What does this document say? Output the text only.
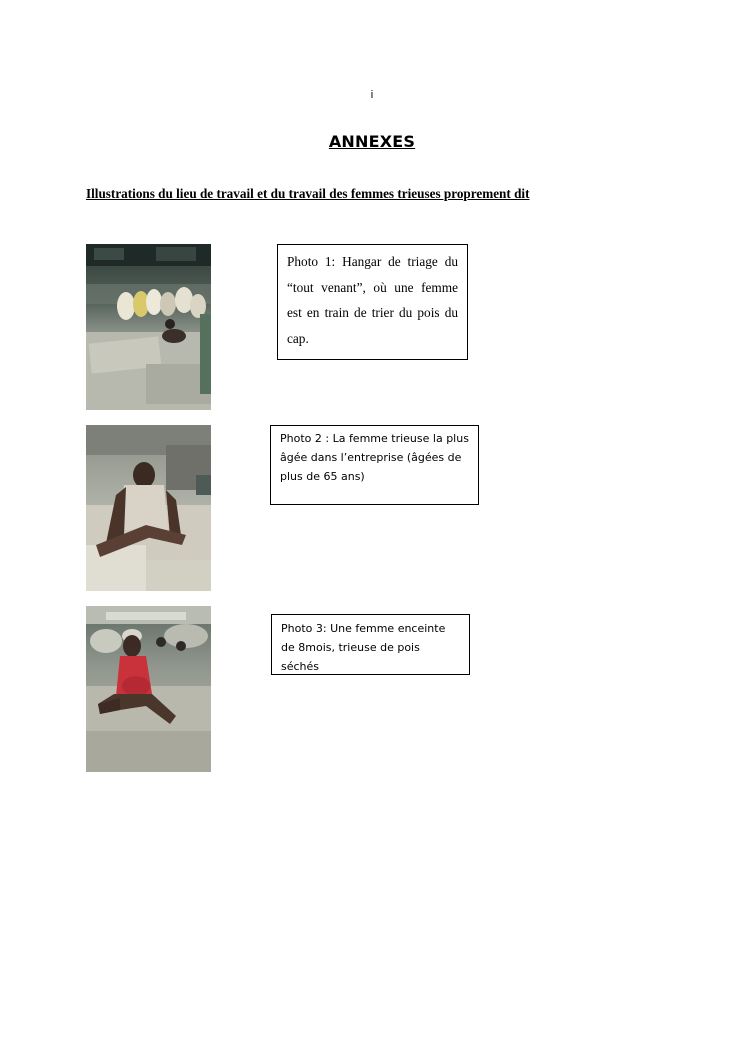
i
ANNEXES
Illustrations du lieu de travail et du travail des femmes trieuses proprement dit
Photo 1: Hangar de triage du “tout venant”, où une femme est en train de trier du pois du cap.
Photo 2 : La femme trieuse la plus âgée dans l’entreprise (âgées de plus de 65 ans)
Photo 3: Une femme enceinte de 8mois, trieuse de pois séchés
